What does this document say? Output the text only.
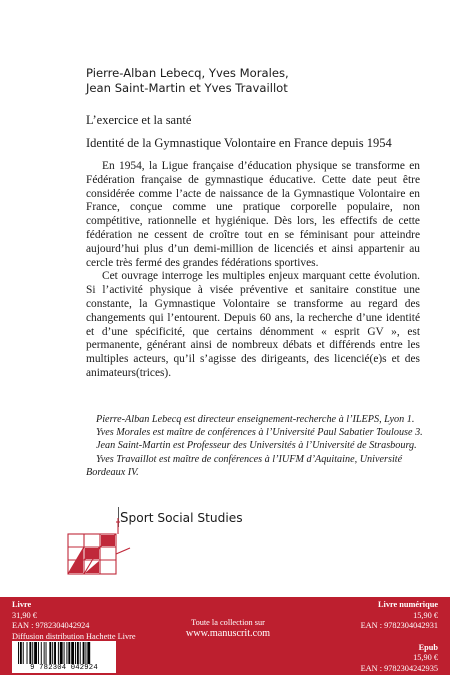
Pierre-Alban Lebecq, Yves Morales,
Jean Saint-Martin et Yves Travaillot
L’exercice et la santé
Identité de la Gymnastique Volontaire en France depuis 1954

En 1954, la Ligue française d’éducation physique se transforme en Fédération française de gymnastique éducative. Cette date peut être considérée comme l’acte de naissance de la Gymnastique Volontaire en France, conçue comme une pratique corporelle populaire, non compétitive, rationnelle et hygiénique. Dès lors, les effectifs de cette fédération ne cessent de croître tout en se féminisant pour atteindre aujourd’hui plus d’un demi-million de licenciés et ainsi appartenir au cercle très fermé des grandes fédérations sportives.

Cet ouvrage interroge les multiples enjeux marquant cette évolution. Si l’activité physique à visée préventive et sanitaire constitue une constante, la Gymnastique Volontaire se transforme au regard des changements qui l’entourent. Depuis 60 ans, la recherche d’une identité et d’une spécificité, que certains dénomment « esprit GV », est permanente, générant ainsi de nombreux débats et différends entre les multiples acteurs, qu’il s’agisse des dirigeants, des licencié(e)s et des animateurs(trices).

Pierre-Alban Lebecq est directeur enseignement-recherche à l’ILEPS, Lyon 1.

Yves Morales est maître de conférences à l’Université Paul Sabatier Toulouse 3.

Jean Saint-Martin est Professeur des Universités à l’Université de Strasbourg.

Yves Travaillot est maître de conférences à l’IUFM d’Aquitaine, Université Bordeaux IV.

Sport Social Studies
Livre
31,90 €
EAN : 9782304042924
Diffusion distribution Hachette Livre
Toute la collection sur
www.manuscrit.com
Livre numérique
15,90 €
EAN : 9782304042931
Epub
15,90 €
EAN : 9782304242935
9 782304 042924
